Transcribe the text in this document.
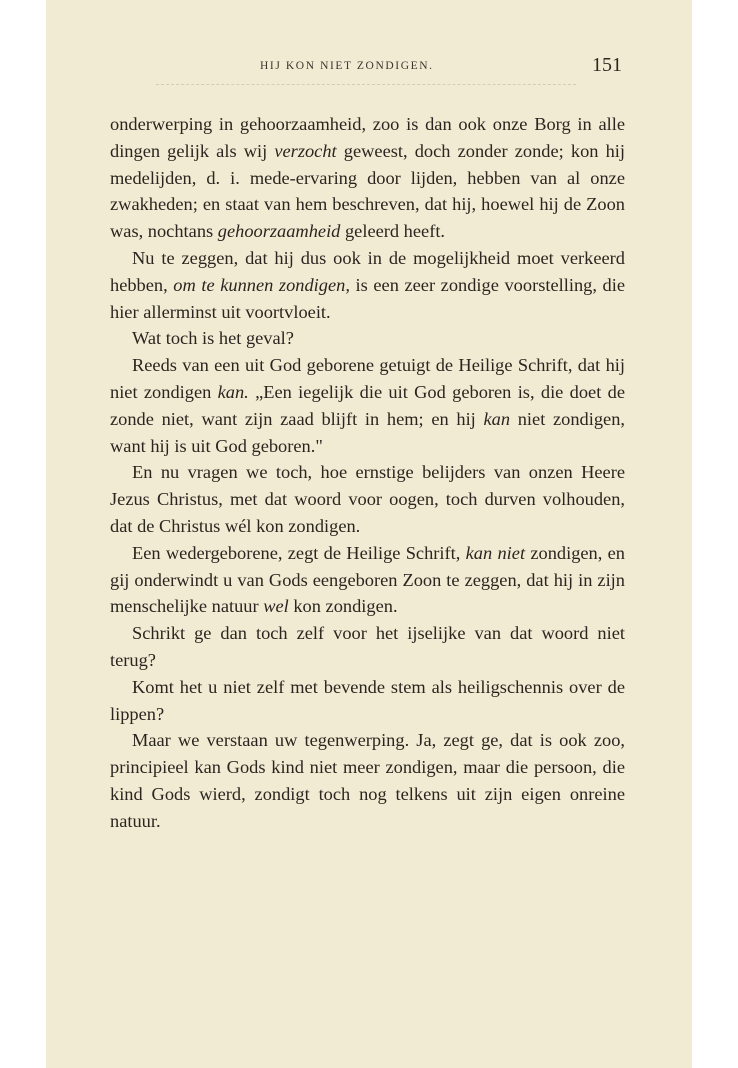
HIJ KON NIET ZONDIGEN.	151

onderwerping in gehoorzaamheid, zoo is dan ook onze Borg in alle dingen gelijk als wij verzocht geweest, doch zonder zonde; kon hij medelijden, d. i. mede-ervaring door lijden, hebben van al onze zwakheden; en staat van hem beschreven, dat hij, hoewel hij de Zoon was, nochtans gehoorzaamheid geleerd heeft.

Nu te zeggen, dat hij dus ook in de mogelijkheid moet verkeerd hebben, om te kunnen zondigen, is een zeer zondige voorstelling, die hier allerminst uit voortvloeit.

Wat toch is het geval?

Reeds van een uit God geborene getuigt de Heilige Schrift, dat hij niet zondigen kan. „Een iegelijk die uit God geboren is, die doet de zonde niet, want zijn zaad blijft in hem; en hij kan niet zondigen, want hij is uit God geboren."

En nu vragen we toch, hoe ernstige belijders van onzen Heere Jezus Christus, met dat woord voor oogen, toch durven volhouden, dat de Christus wél kon zondigen.

Een wedergeborene, zegt de Heilige Schrift, kan niet zondigen, en gij onderwindt u van Gods eengeboren Zoon te zeggen, dat hij in zijn menschelijke natuur wel kon zondigen.

Schrikt ge dan toch zelf voor het ijselijke van dat woord niet terug?

Komt het u niet zelf met bevende stem als heiligschennis over de lippen?

Maar we verstaan uw tegenwerping. Ja, zegt ge, dat is ook zoo, principieel kan Gods kind niet meer zondigen, maar die persoon, die kind Gods wierd, zondigt toch nog telkens uit zijn eigen onreine natuur.
